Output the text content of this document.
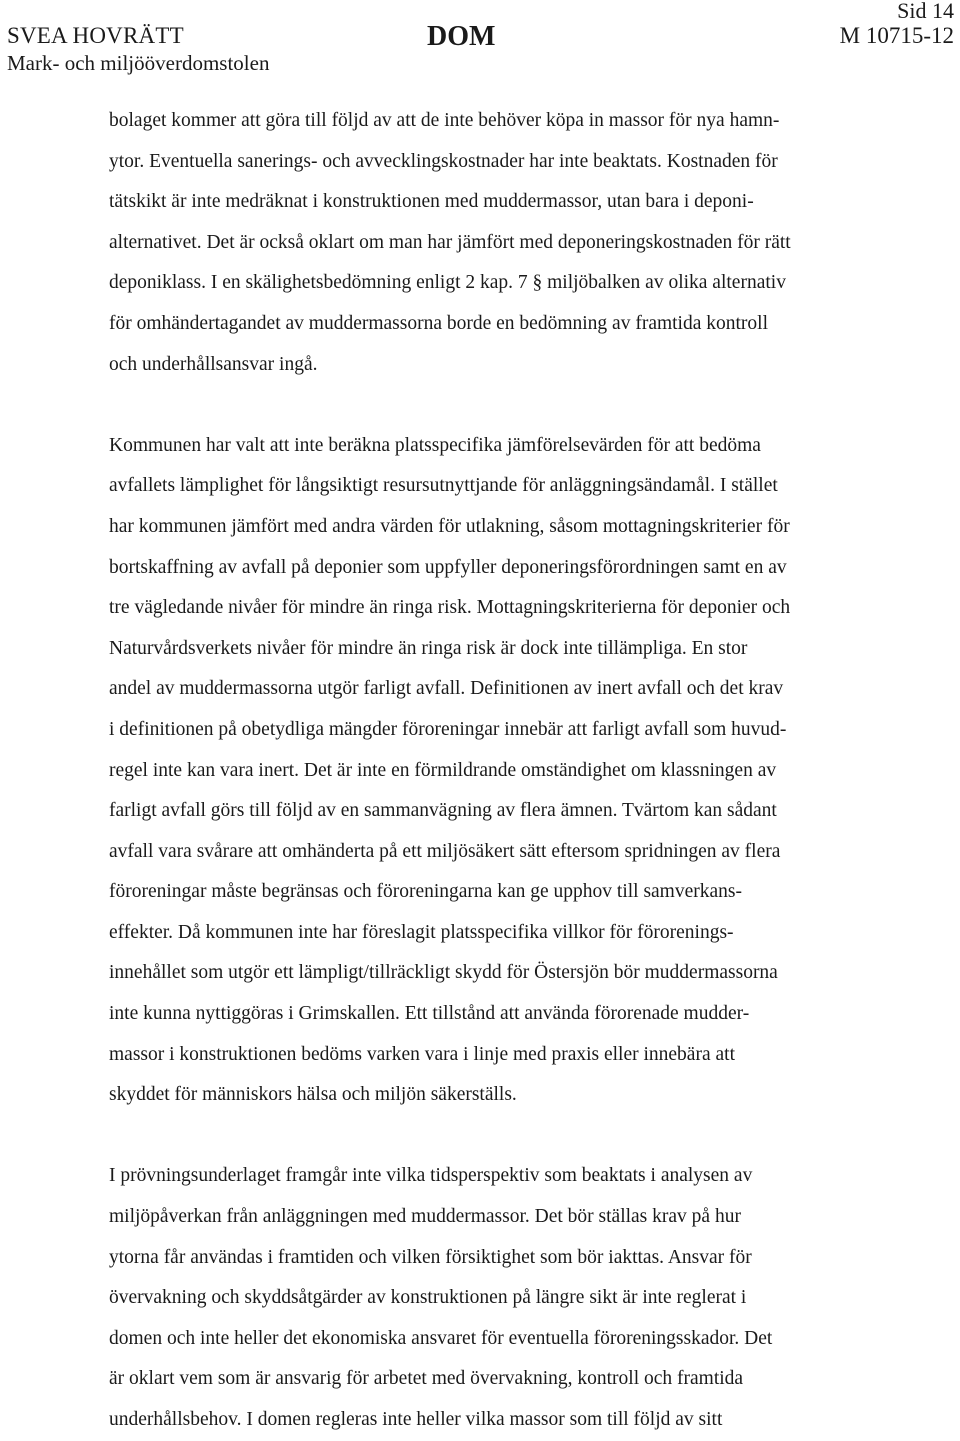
SVEA HOVRÄTT
Mark- och miljööverdomstolen
DOM
Sid 14
M 10715-12

bolaget kommer att göra till följd av att de inte behöver köpa in massor för nya hamn-
ytor. Eventuella sanerings- och avvecklingskostnader har inte beaktats. Kostnaden för
tätskikt är inte medräknat i konstruktionen med muddermassor, utan bara i deponi-
alternativet. Det är också oklart om man har jämfört med deponeringskostnaden för rätt
deponiklass. I en skälighetsbedömning enligt 2 kap. 7 § miljöbalken av olika alternativ
för omhändertagandet av muddermassorna borde en bedömning av framtida kontroll
och underhållsansvar ingå.

Kommunen har valt att inte beräkna platsspecifika jämförelsevärden för att bedöma
avfallets lämplighet för långsiktigt resursutnyttjande för anläggningsändamål. I stället
har kommunen jämfört med andra värden för utlakning, såsom mottagningskriterier för
bortskaffning av avfall på deponier som uppfyller deponeringsförordningen samt en av
tre vägledande nivåer för mindre än ringa risk. Mottagningskriterierna för deponier och
Naturvårdsverkets nivåer för mindre än ringa risk är dock inte tillämpliga. En stor
andel av muddermassorna utgör farligt avfall. Definitionen av inert avfall och det krav
i definitionen på obetydliga mängder föroreningar innebär att farligt avfall som huvud-
regel inte kan vara inert. Det är inte en förmildrande omständighet om klassningen av
farligt avfall görs till följd av en sammanvägning av flera ämnen. Tvärtom kan sådant
avfall vara svårare att omhänderta på ett miljösäkert sätt eftersom spridningen av flera
föroreningar måste begränsas och föroreningarna kan ge upphov till samverkans-
effekter. Då kommunen inte har föreslagit platsspecifika villkor för förorenings-
innehållet som utgör ett lämpligt/tillräckligt skydd för Östersjön bör muddermassorna
inte kunna nyttiggöras i Grimskallen. Ett tillstånd att använda förorenade mudder-
massor i konstruktionen bedöms varken vara i linje med praxis eller innebära att
skyddet för människors hälsa och miljön säkerställs.

I prövningsunderlaget framgår inte vilka tidsperspektiv som beaktats i analysen av
miljöpåverkan från anläggningen med muddermassor. Det bör ställas krav på hur
ytorna får användas i framtiden och vilken försiktighet som bör iakttas. Ansvar för
övervakning och skyddsåtgärder av konstruktionen på längre sikt är inte reglerat i
domen och inte heller det ekonomiska ansvaret för eventuella föroreningsskador. Det
är oklart vem som är ansvarig för arbetet med övervakning, kontroll och framtida
underhållsbehov. I domen regleras inte heller vilka massor som till följd av sitt
